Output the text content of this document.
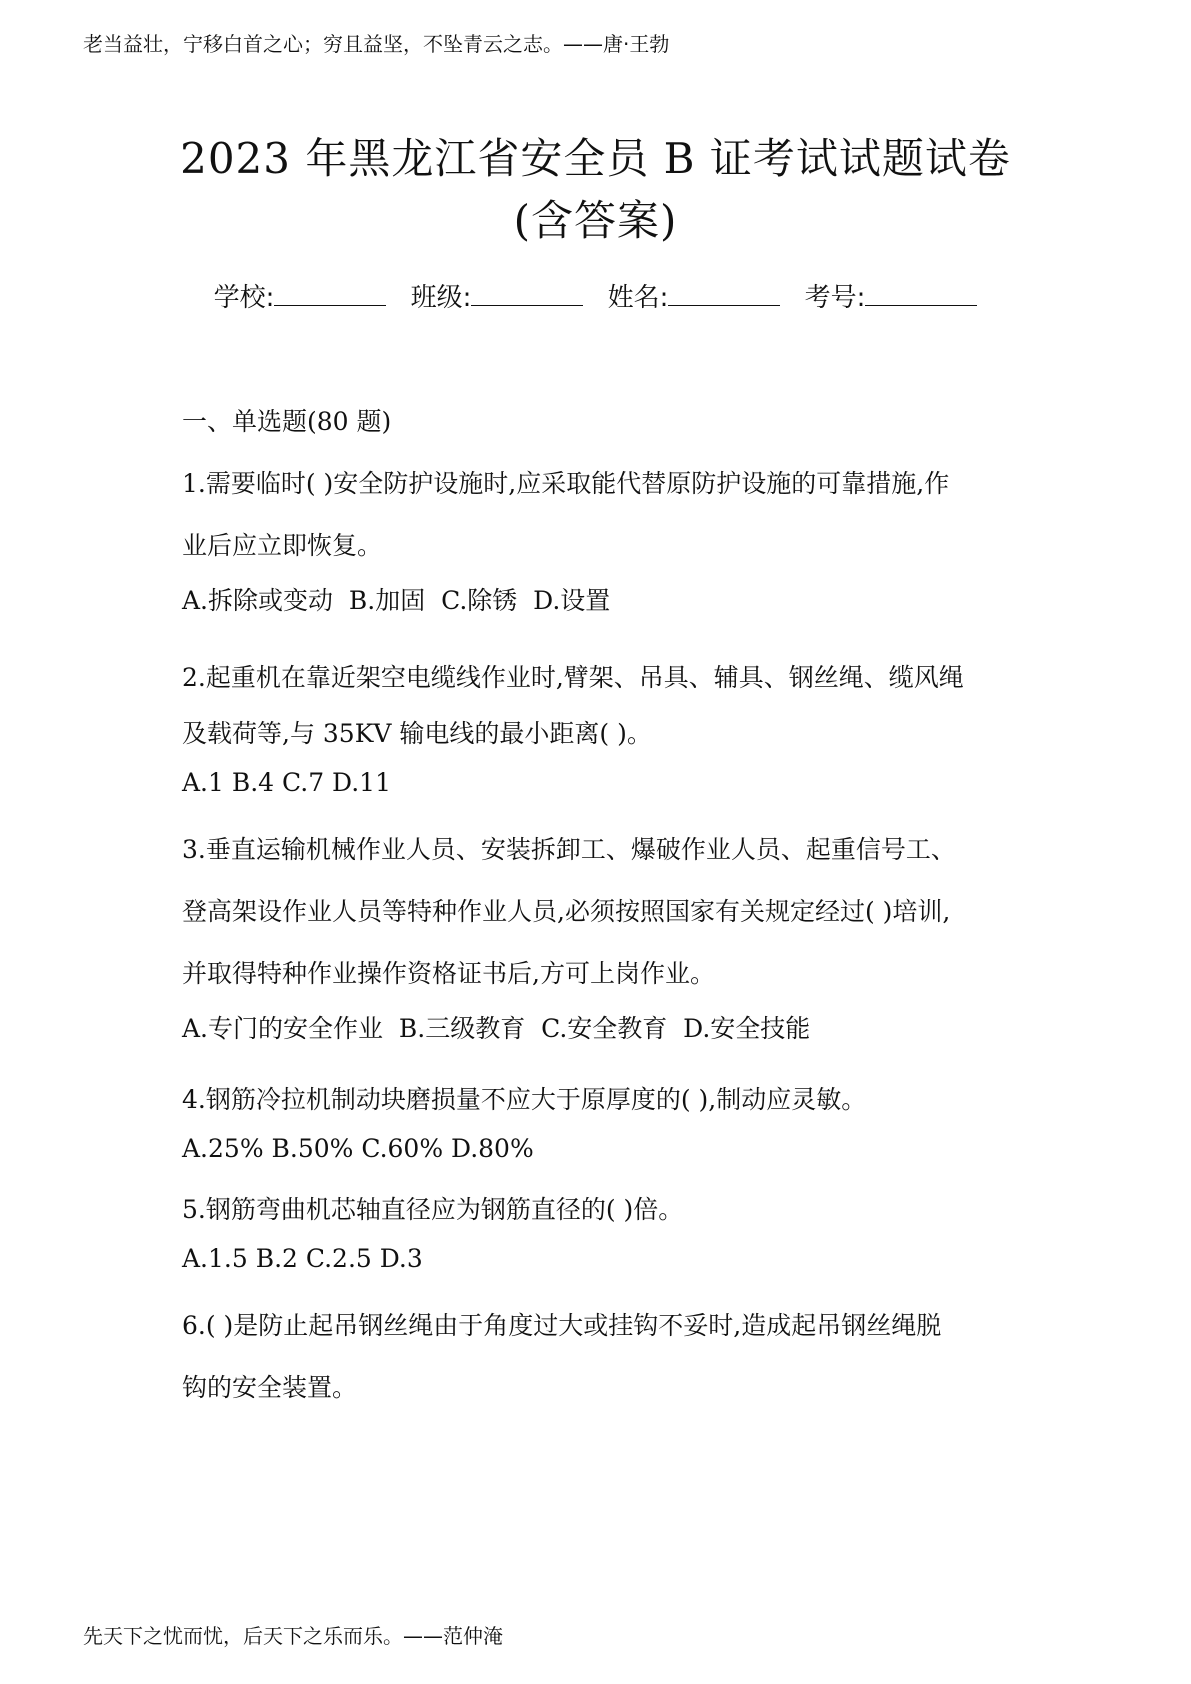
老当益壮，宁移白首之心；穷且益坚，不坠青云之志。——唐·王勃
2023 年黑龙江省安全员 B 证考试试题试卷
(含答案)
学校:	班级:	姓名:	考号:
一、单选题(80 题)
1.需要临时( )安全防护设施时,应采取能代替原防护设施的可靠措施,作
业后应立即恢复。
A.拆除或变动  B.加固  C.除锈  D.设置
2.起重机在靠近架空电缆线作业时,臂架、吊具、辅具、钢丝绳、缆风绳
及载荷等,与 35KV 输电线的最小距离( )。
A.1 B.4 C.7 D.11
3.垂直运输机械作业人员、安装拆卸工、爆破作业人员、起重信号工、
登高架设作业人员等特种作业人员,必须按照国家有关规定经过( )培训,
并取得特种作业操作资格证书后,方可上岗作业。
A.专门的安全作业  B.三级教育  C.安全教育  D.安全技能
4.钢筋冷拉机制动块磨损量不应大于原厚度的( ),制动应灵敏。
A.25% B.50% C.60% D.80%
5.钢筋弯曲机芯轴直径应为钢筋直径的( )倍。
A.1.5 B.2 C.2.5 D.3
6.( )是防止起吊钢丝绳由于角度过大或挂钩不妥时,造成起吊钢丝绳脱
钩的安全装置。
先天下之忧而忧，后天下之乐而乐。——范仲淹
